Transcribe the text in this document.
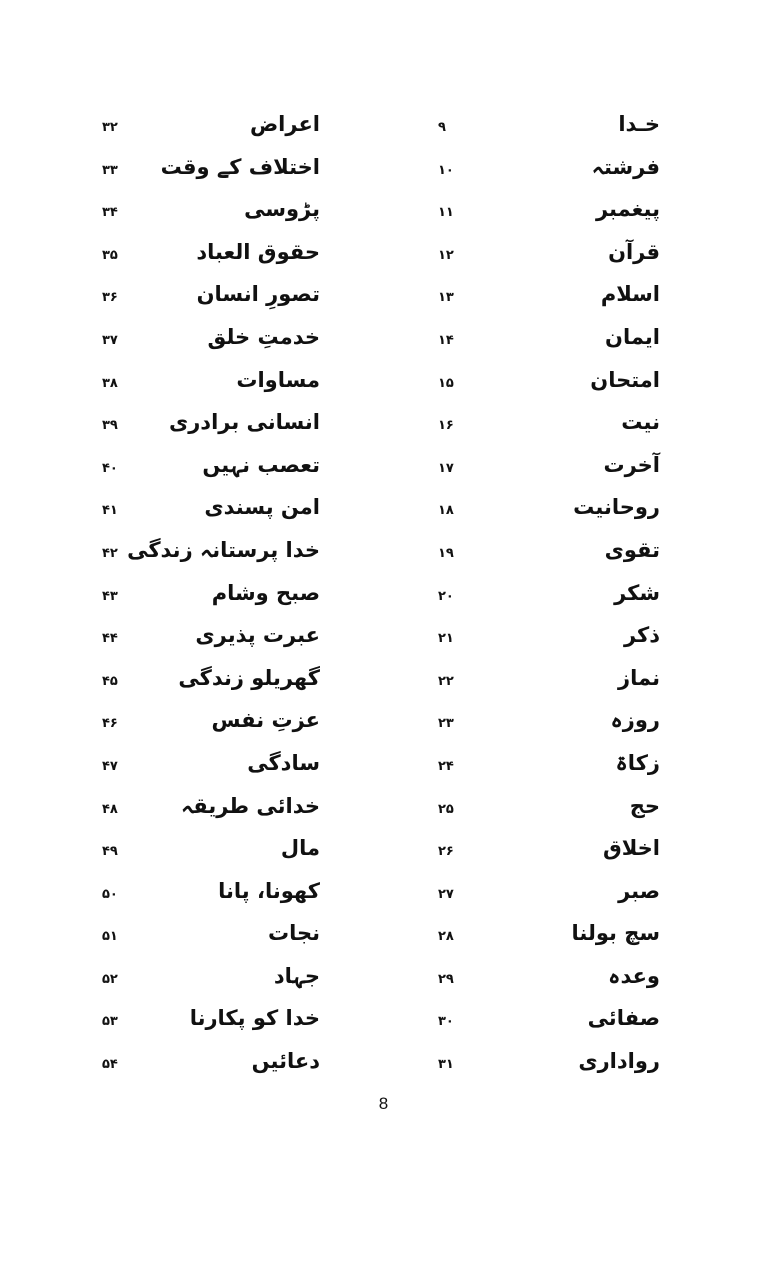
خـدا
۹
فرشتہ
۱۰
پیغمبر
۱۱
قرآن
۱۲
اسلام
۱۳
ایمان
۱۴
امتحان
۱۵
نیت
۱۶
آخرت
۱۷
روحانیت
۱۸
تقوی
۱۹
شکر
۲۰
ذکر
۲۱
نماز
۲۲
روزہ
۲۳
زکاۃ
۲۴
حج
۲۵
اخلاق
۲۶
صبر
۲۷
سچ بولنا
۲۸
وعدہ
۲۹
صفائی
۳۰
رواداری
۳۱
اعراض
۳۲
اختلاف کے وقت
۳۳
پڑوسی
۳۴
حقوق العباد
۳۵
تصورِ انسان
۳۶
خدمتِ خلق
۳۷
مساوات
۳۸
انسانی برادری
۳۹
تعصب نہیں
۴۰
امن پسندی
۴۱
خدا پرستانہ زندگی
۴۲
صبح وشام
۴۳
عبرت پذیری
۴۴
گھریلو زندگی
۴۵
عزتِ نفس
۴۶
سادگی
۴۷
خدائی طریقہ
۴۸
مال
۴۹
کھونا، پانا
۵۰
نجات
۵۱
جہاد
۵۲
خدا کو پکارنا
۵۳
دعائیں
۵۴
8
